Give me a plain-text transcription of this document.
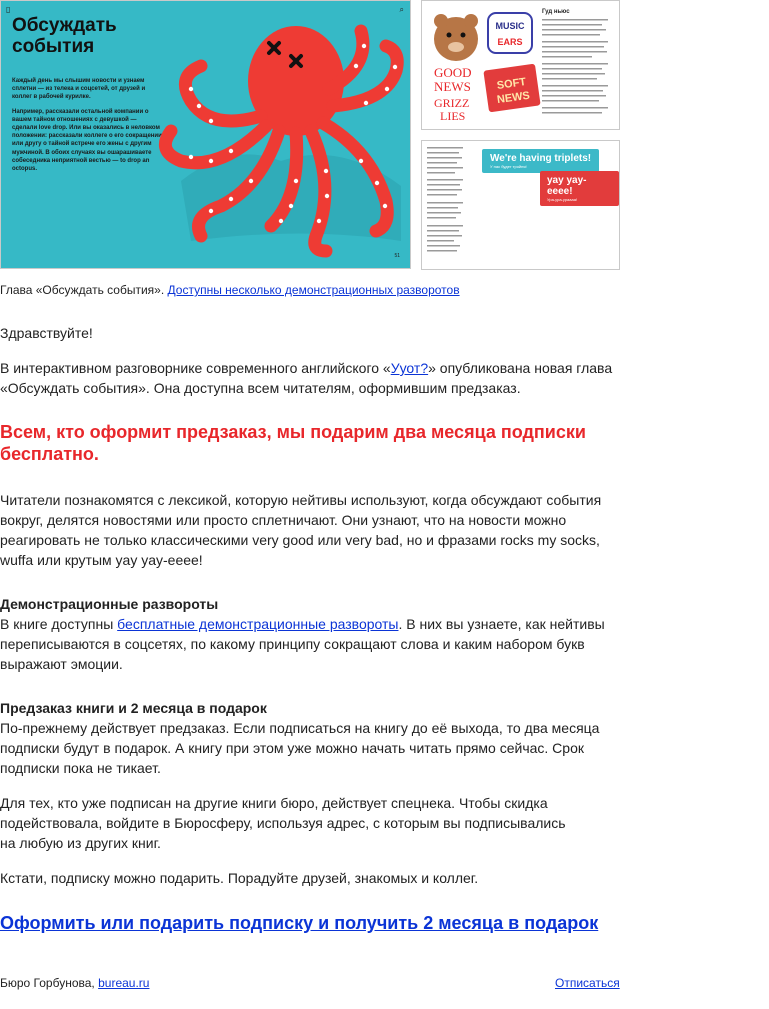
▯	⌕
Обсуждать
события

Каждый день мы слышим новости и узнаем сплетни — из телека и соцсетей, от друзей и коллег в рабочей курилке.

Например, рассказали остальной компании о вашем тайном отношениях с девушкой — сделали love drop. Или вы оказались в неловком положении: рассказали коллеге о его сокращении или другу о тайной встрече его жены с другим мужчиной. В обоих случаях вы ошарашиваете собеседника неприятной вестью — to drop an octopus.

51
Гуд ньюс
MUSIC
EARS
GOOD
NEWS
GRIZZ
LIES
SOFT
NEWS
We're having triplets!
У нас будет тройня!
yay yay-eeee!
Ура-ура-ураааа!
Глава «Обсуждать события». Доступны несколько демонстрационных разворотов

Здравствуйте!

В интерактивном разговорнике современного английского «Ууот?» опубликована новая глава «Обсуждать события». Она доступна всем читателям, оформившим предзаказ.

Всем, кто оформит предзаказ, мы подарим два месяца подписки бесплатно.

Читатели познакомятся с лексикой, которую нейтивы используют, когда обсуждают события вокруг, делятся новостями или просто сплетничают. Они узнают, что на новости можно реагировать не только классическими very good или very bad, но и фразами rocks my socks, wuffa или крутым yay yay-eeee!

Демонстрационные развороты

В книге доступны бесплатные демонстрационные развороты. В них вы узнаете, как нейтивы переписываются в соцсетях, по какому принципу сокращают слова и каким набором букв выражают эмоции.

Предзаказ книги и 2 месяца в подарок

По-прежнему действует предзаказ. Если подписаться на книгу до её выхода, то два месяца подписки будут в подарок. А книгу при этом уже можно начать читать прямо сейчас. Срок подписки пока не тикает.

Для тех, кто уже подписан на другие книги бюро, действует спецнека. Чтобы скидка подействовала, войдите в Бюросферу, используя адрес, с которым вы подписывались на любую из других книг.

Кстати, подписку можно подарить. Порадуйте друзей, знакомых и коллег.

Оформить или подарить подписку и получить 2 месяца в подарок
Бюро Горбунова, bureau.ru	Отписаться
